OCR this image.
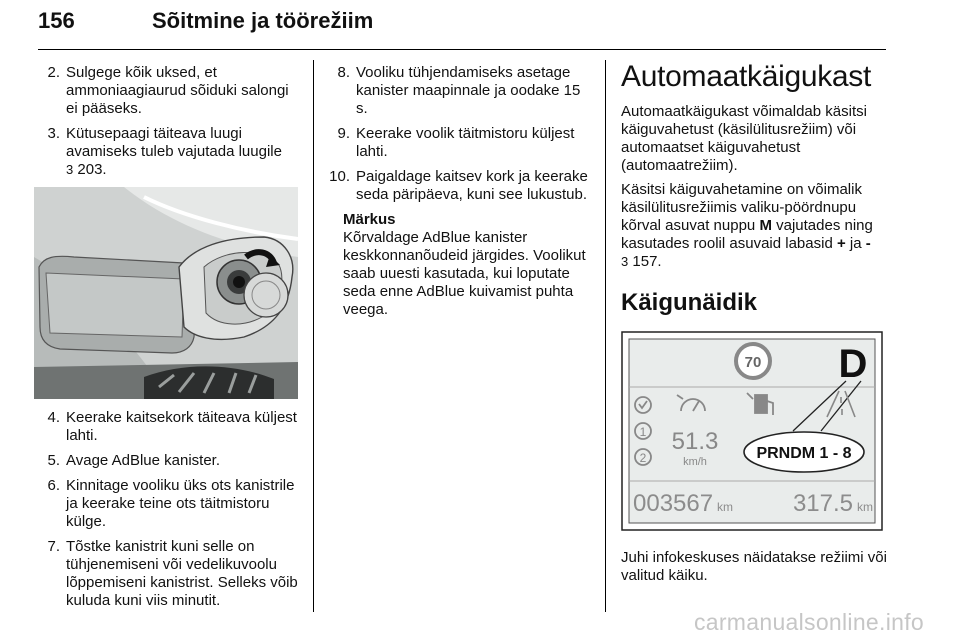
156	Sõitmine ja töörežiim
2. Sulgege kõik uksed, et ammoniaagiaurud sõiduki salongi ei pääseks.
3. Kütusepaagi täiteava luugi avamiseks tuleb vajutada luugile
3 203.
4. Keerake kaitsekork täiteava küljest lahti.
5. Avage AdBlue kanister.
6. Kinnitage vooliku üks ots kanistrile ja keerake teine ots täitmistoru külge.
7. Tõstke kanistrit kuni selle on tühjenemiseni või vedelikuvoolu lõppemiseni kanistrist. Selleks võib kuluda kuni viis minutit.
8. Vooliku tühjendamiseks asetage kanister maapinnale ja oodake 15 s.
9. Keerake voolik täitmistoru küljest lahti.
10. Paigaldage kaitsev kork ja keerake seda päripäeva, kuni see lukustub.
Märkus
Kõrvaldage AdBlue kanister keskkonnanõudeid järgides. Voolikut saab uuesti kasutada, kui loputate seda enne AdBlue kuivamist puhta veega.
Automaatkäigukast

Automaatkäigukast võimaldab käsitsi käiguvahetust (käsilülitusrežiim) või automaatset käiguvahetust (automaatrežiim).

Käsitsi käiguvahetamine on võimalik käsilülitusrežiimis valiku-pöördnupu kõrval asuvat nuppu M vajutades ning kasutades roolil asuvaid labasid + ja -
3 157.

Käigunäidik
70 D
1
2
51.3
km/h	PRNDM 1 - 8
003567 km 317.5 km

Juhi infokeskuses näidatakse režiimi või valitud käiku.

carmanualsonline.info
